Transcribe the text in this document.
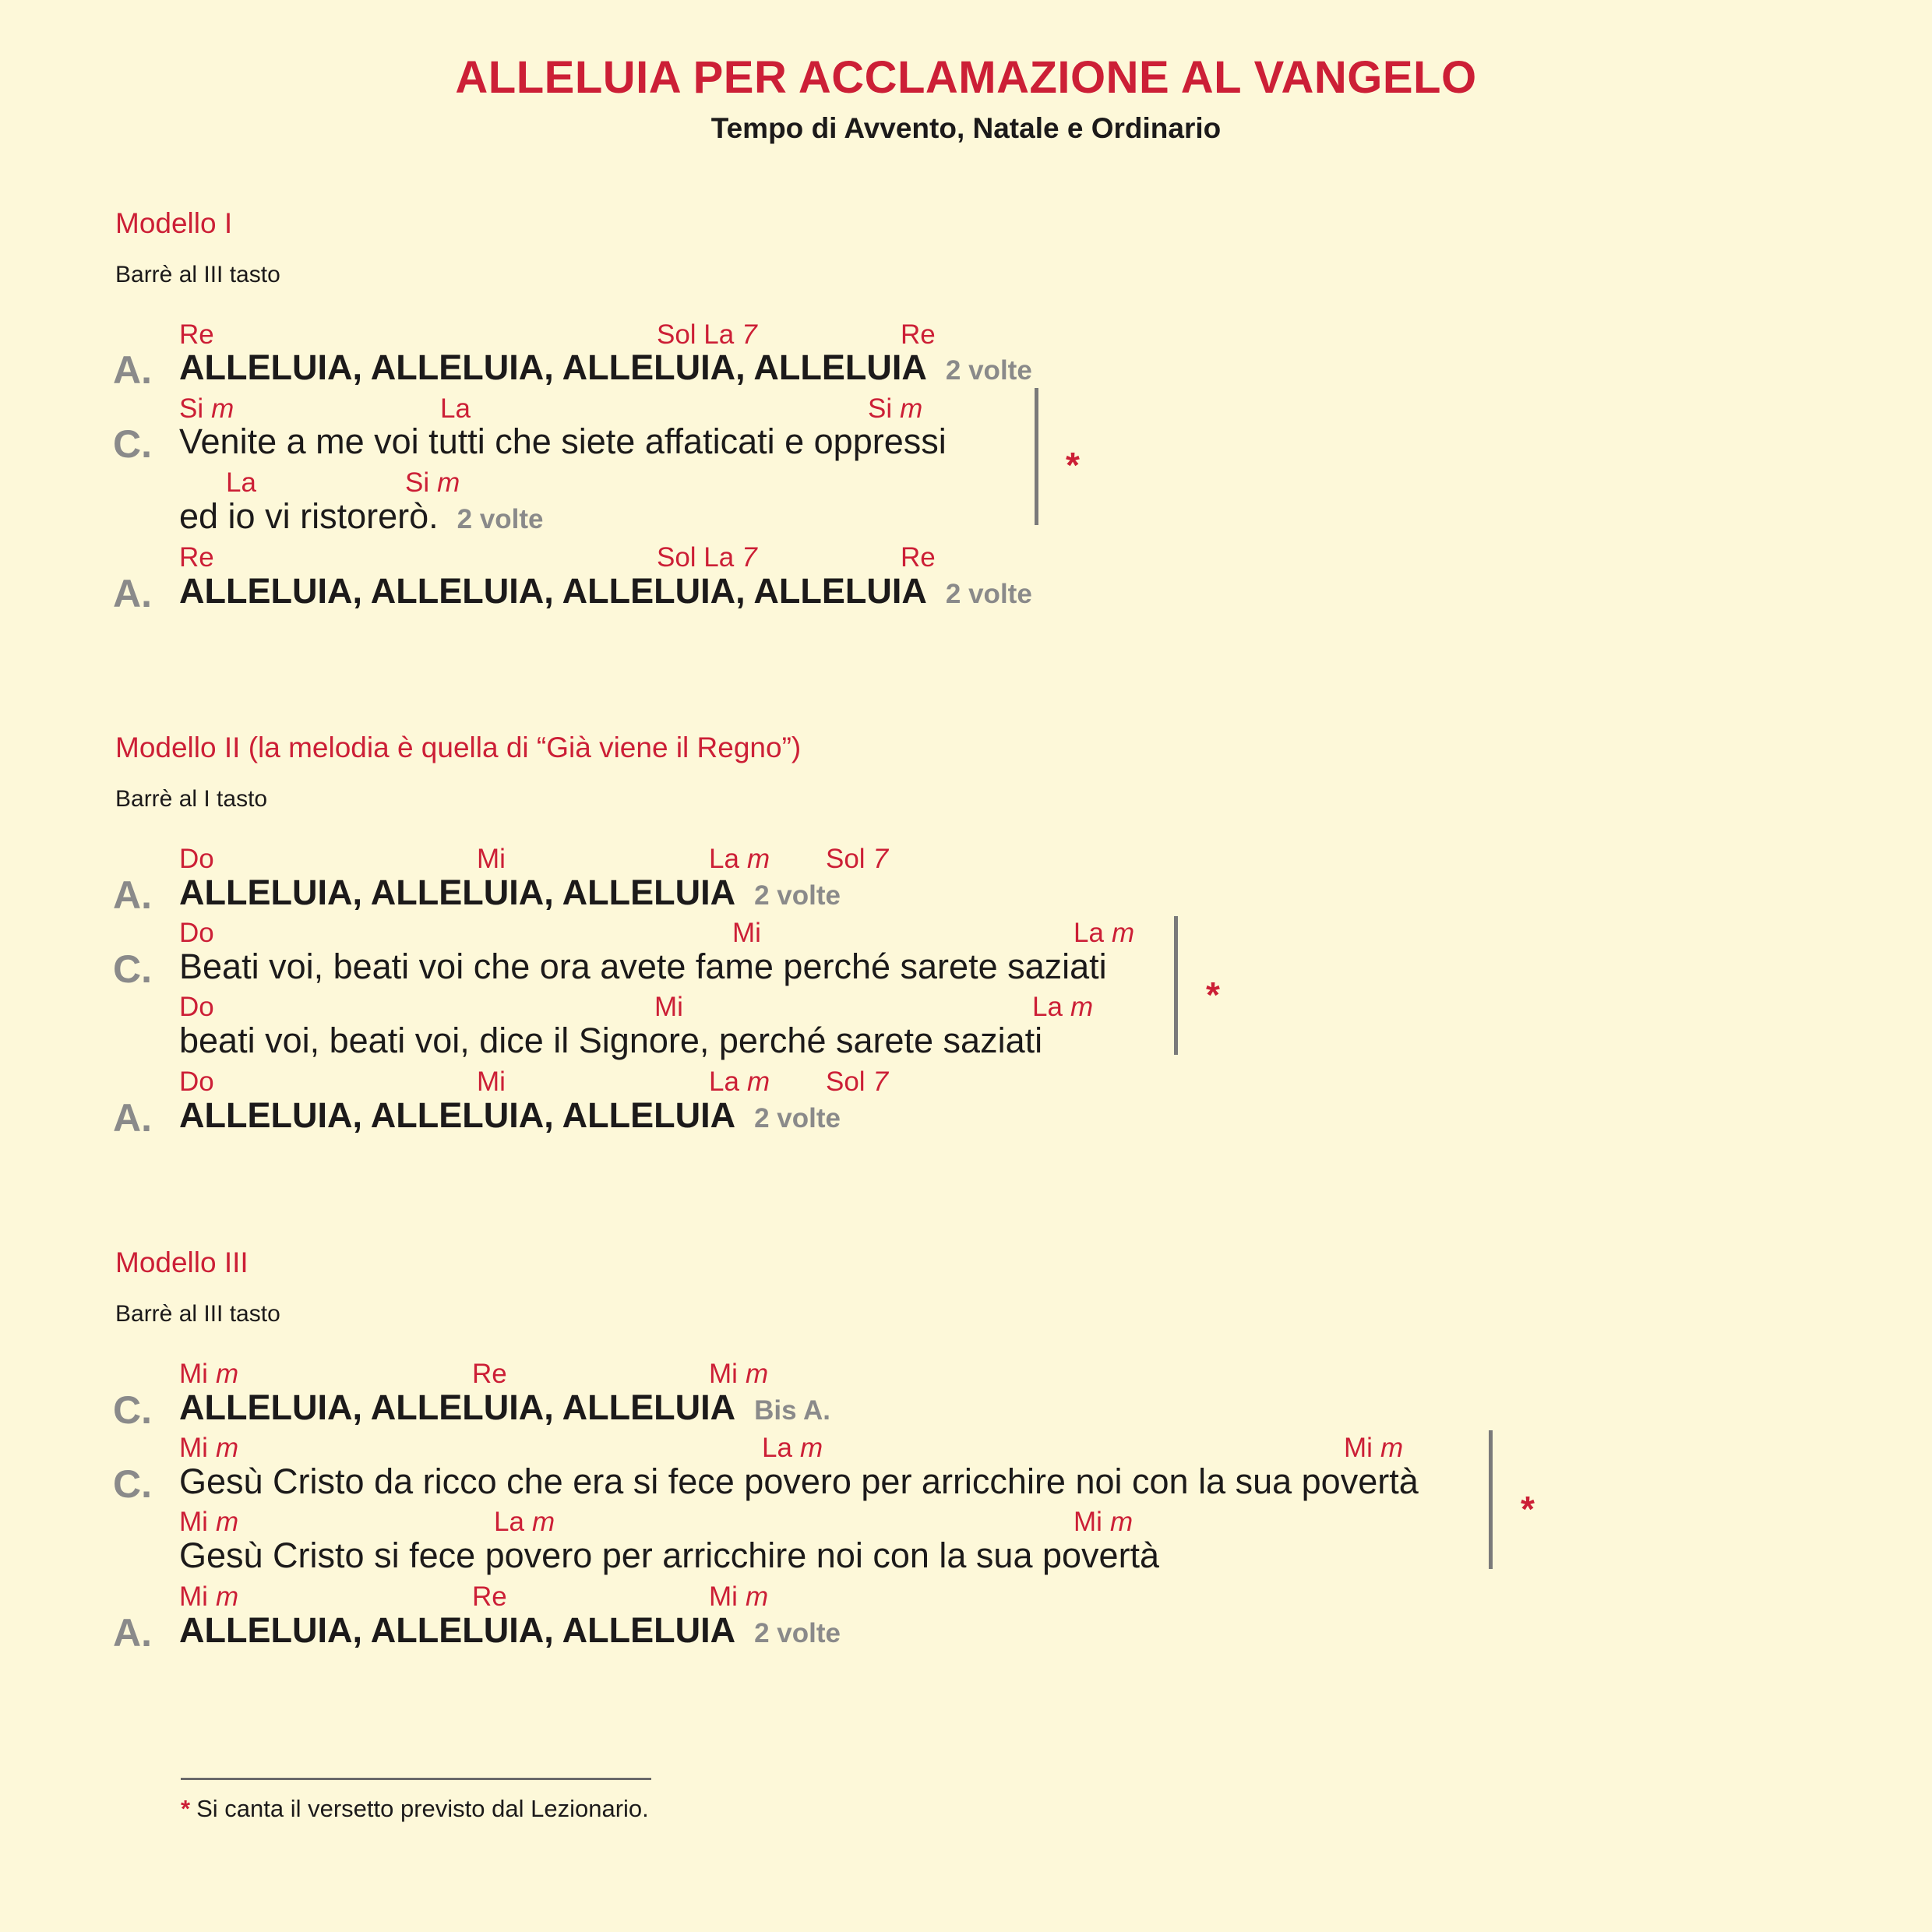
ALLELUIA PER ACCLAMAZIONE AL VANGELO
Tempo di Avvento, Natale e Ordinario
Modello I
Barrè al III tasto
Re	Sol La 7	Re
A. ALLELUIA, ALLELUIA, ALLELUIA, ALLELUIA 2 volte
Si m	La	Si m
C. Venite a me voi tutti che siete affaticati e oppressi
La	Si m
ed io vi ristorerò. 2 volte
Re	Sol La 7	Re
A. ALLELUIA, ALLELUIA, ALLELUIA, ALLELUIA 2 volte
*
Modello II (la melodia è quella di “Già viene il Regno”)
Barrè al I tasto
Do	Mi	La m Sol 7
A. ALLELUIA, ALLELUIA, ALLELUIA 2 volte
Do	Mi	La m
C. Beati voi, beati voi che ora avete fame perché sarete saziati
Do	Mi	La m
beati voi, beati voi, dice il Signore, perché sarete saziati
Do	Mi	La m Sol 7
A. ALLELUIA, ALLELUIA, ALLELUIA 2 volte
*
Modello III
Barrè al III tasto
Mi m	Re	Mi m
C. ALLELUIA, ALLELUIA, ALLELUIA Bis A.
Mi m	La m	Mi m
C. Gesù Cristo da ricco che era si fece povero per arricchire noi con la sua povertà
Mi m	La m	Mi m
Gesù Cristo si fece povero per arricchire noi con la sua povertà
Mi m	Re	Mi m
A. ALLELUIA, ALLELUIA, ALLELUIA 2 volte
*
* Si canta il versetto previsto dal Lezionario.
